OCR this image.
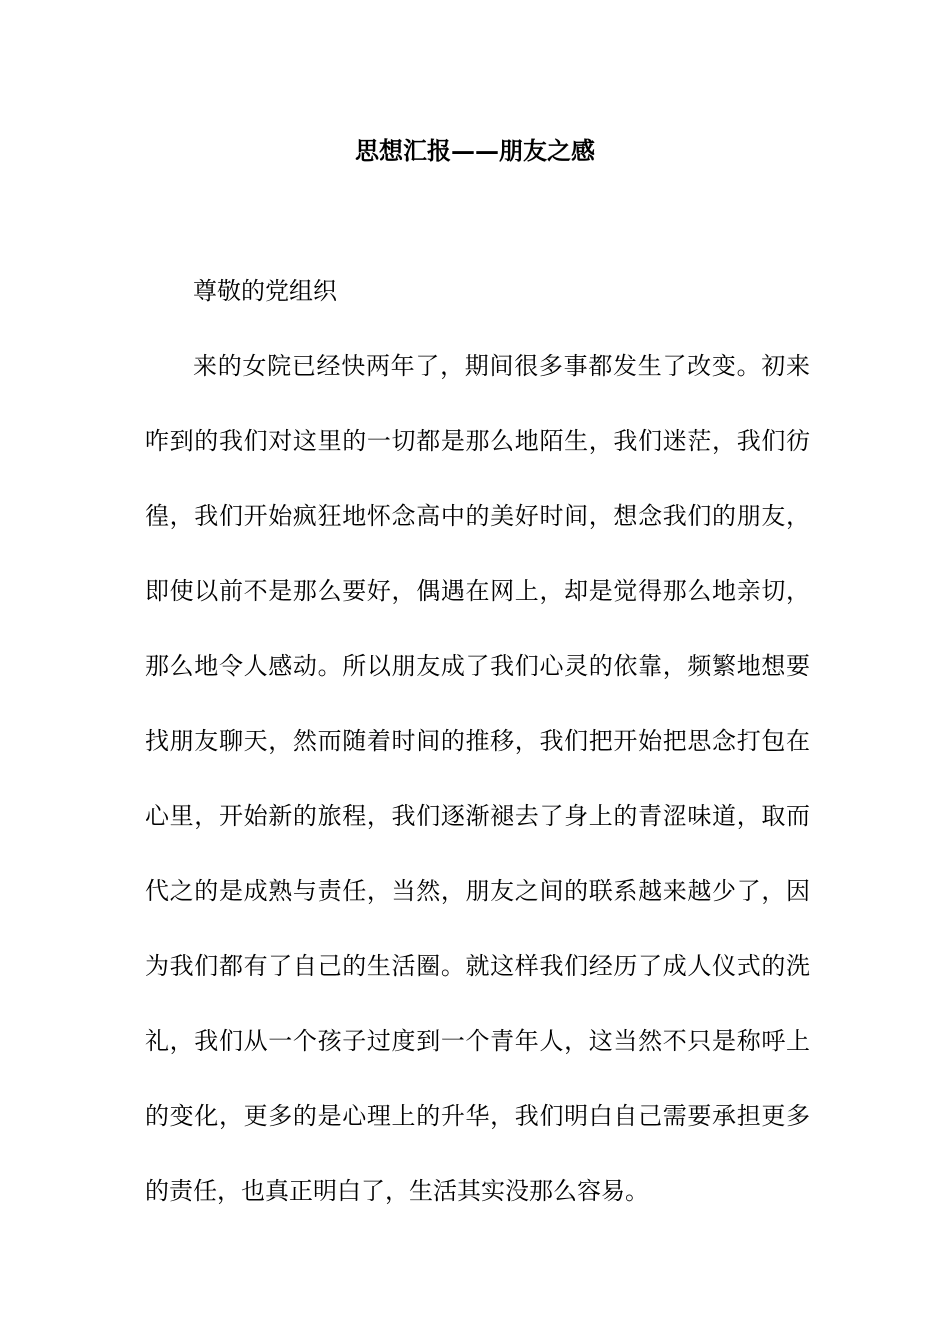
思想汇报——朋友之感

尊敬的党组织

来的女院已经快两年了，期间很多事都发生了改变。初来咋到的我们对这里的一切都是那么地陌生，我们迷茫，我们彷徨，我们开始疯狂地怀念高中的美好时间，想念我们的朋友，即使以前不是那么要好，偶遇在网上，却是觉得那么地亲切，那么地令人感动。所以朋友成了我们心灵的依靠，频繁地想要找朋友聊天，然而随着时间的推移，我们把开始把思念打包在心里，开始新的旅程，我们逐渐褪去了身上的青涩味道，取而代之的是成熟与责任，当然，朋友之间的联系越来越少了，因为我们都有了自己的生活圈。就这样我们经历了成人仪式的洗礼，我们从一个孩子过度到一个青年人，这当然不只是称呼上的变化，更多的是心理上的升华，我们明白自己需要承担更多的责任，也真正明白了，生活其实没那么容易。
